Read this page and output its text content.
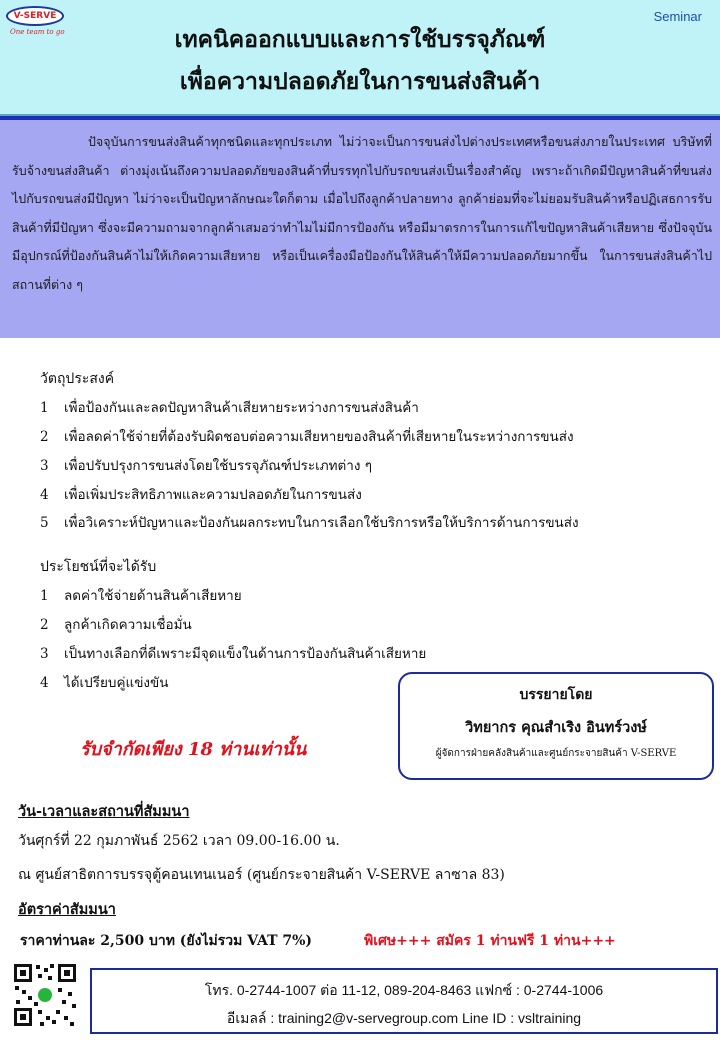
V-SERVE
One team to go
Seminar
เทคนิคออกแบบและการใช้บรรจุภัณฑ์
เพื่อความปลอดภัยในการขนส่งสินค้า

ปัจจุบันการขนส่งสินค้าทุกชนิดและทุกประเภท ไม่ว่าจะเป็นการขนส่งไปต่างประเทศหรือขนส่งภายในประเทศ บริษัทที่รับจ้างขนส่งสินค้า ต่างมุ่งเน้นถึงความปลอดภัยของสินค้าที่บรรทุกไปกับรถขนส่งเป็นเรื่องสำคัญ เพราะถ้าเกิดมีปัญหาสินค้าที่ขนส่งไปกับรถขนส่งมีปัญหา ไม่ว่าจะเป็นปัญหาลักษณะใดก็ตาม เมื่อไปถึงลูกค้าปลายทาง ลูกค้าย่อมที่จะไม่ยอมรับสินค้าหรือปฏิเสธการรับสินค้าที่มีปัญหา ซึ่งจะมีความถามจากลูกค้าเสมอว่าทำไมไม่มีการป้องกัน หรือมีมาตรการในการแก้ไขปัญหาสินค้าเสียหาย ซึ่งปัจจุบัน มีอุปกรณ์ที่ป้องกันสินค้าไม่ให้เกิดความเสียหาย หรือเป็นเครื่องมือป้องกันให้สินค้าให้มีความปลอดภัยมากขึ้น ในการขนส่งสินค้าไปสถานที่ต่าง ๆ

วัตถุประสงค์
1 เพื่อป้องกันและลดปัญหาสินค้าเสียหายระหว่างการขนส่งสินค้า
2 เพื่อลดค่าใช้จ่ายที่ต้องรับผิดชอบต่อความเสียหายของสินค้าที่เสียหายในระหว่างการขนส่ง
3 เพื่อปรับปรุงการขนส่งโดยใช้บรรจุภัณฑ์ประเภทต่าง ๆ
4 เพื่อเพิ่มประสิทธิภาพและความปลอดภัยในการขนส่ง
5 เพื่อวิเคราะห์ปัญหาและป้องกันผลกระทบในการเลือกใช้บริการหรือให้บริการด้านการขนส่ง
ประโยชน์ที่จะได้รับ
1 ลดค่าใช้จ่ายด้านสินค้าเสียหาย
2 ลูกค้าเกิดความเชื่อมั่น
3 เป็นทางเลือกที่ดีเพราะมีจุดแข็งในด้านการป้องกันสินค้าเสียหาย
4 ได้เปรียบคู่แข่งขัน
บรรยายโดย
วิทยากร คุณสำเริง อินทร์วงษ์
ผู้จัดการฝ่ายคลังสินค้าและศูนย์กระจายสินค้า V-SERVE
รับจำกัดเพียง 18 ท่านเท่านั้น
วัน-เวลาและสถานที่สัมมนา
วันศุกร์ที่ 22 กุมภาพันธ์ 2562 เวลา 09.00-16.00 น.
ณ ศูนย์สาธิตการบรรจุตู้คอนเทนเนอร์ (ศูนย์กระจายสินค้า V-SERVE ลาซาล 83)
อัตราค่าสัมมนา
ราคาท่านละ 2,500 บาท (ยังไม่รวม VAT 7%)	พิเศษ+++ สมัคร 1 ท่านฟรี 1 ท่าน+++
โทร. 0-2744-1007 ต่อ 11-12, 089-204-8463 แฟกซ์ : 0-2744-1006
อีเมลล์ : training2@v-servegroup.com Line ID : vsltraining
